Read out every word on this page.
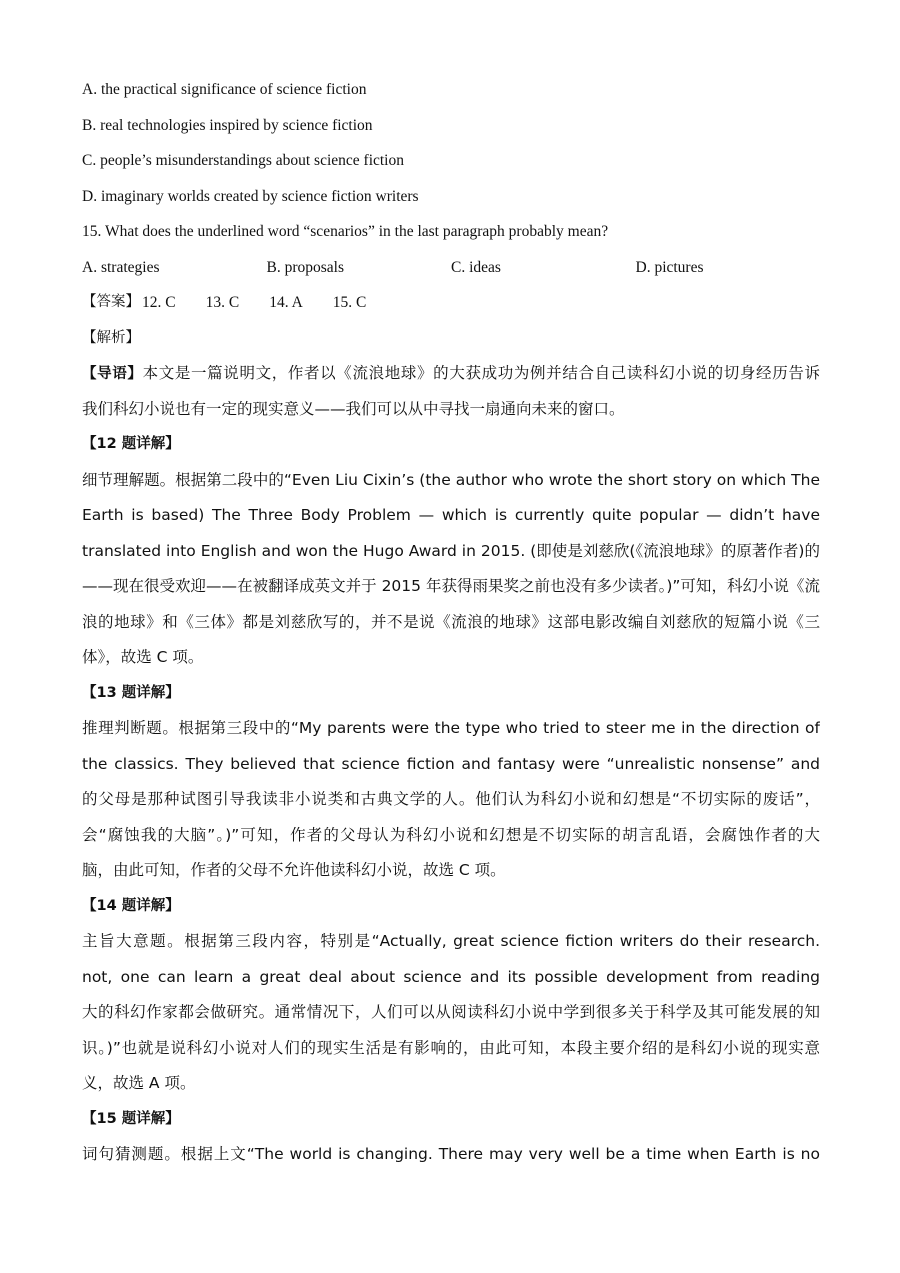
A. the practical significance of science fiction
B. real technologies inspired by science fiction
C. people’s misunderstandings about science fiction
D. imaginary worlds created by science fiction writers
15. What does the underlined word “scenarios” in the last paragraph probably mean?
A. strategies	B. proposals	C. ideas	D. pictures
【答案】 12. C 13. C 14. A 15. C
【解析】
【导语】本文是一篇说明文，作者以《流浪地球》的大获成功为例并结合自己读科幻小说的切身经历告诉
我们科幻小说也有一定的现实意义——我们可以从中寻找一扇通向未来的窗口。
【12 题详解】
细节理解题。根据第二段中的“Even Liu Cixin’s (the author who wrote the short story on which The
Earth is based) The Three Body Problem — which is currently quite popular — didn’t have
translated into English and won the Hugo Award in 2015. (即使是刘慈欣(《流浪地球》的原著作者)的
——现在很受欢迎——在被翻译成英文并于 2015 年获得雨果奖之前也没有多少读者。)”可知，科幻小说《流
浪的地球》和《三体》都是刘慈欣写的，并不是说《流浪的地球》这部电影改编自刘慈欣的短篇小说《三
体》，故选 C 项。
【13 题详解】
推理判断题。根据第三段中的“My parents were the type who tried to steer me in the direction of
the classics. They believed that science fiction and fantasy were “unrealistic nonsense” and
的父母是那种试图引导我读非小说类和古典文学的人。他们认为科幻小说和幻想是“不切实际的废话”，
会“腐蚀我的大脑”。)”可知，作者的父母认为科幻小说和幻想是不切实际的胡言乱语，会腐蚀作者的大
脑，由此可知，作者的父母不允许他读科幻小说，故选 C 项。
【14 题详解】
主旨大意题。根据第三段内容，特别是“Actually, great science fiction writers do their research.
not, one can learn a great deal about science and its possible development from reading
大的科幻作家都会做研究。通常情况下，人们可以从阅读科幻小说中学到很多关于科学及其可能发展的知
识。)”也就是说科幻小说对人们的现实生活是有影响的，由此可知，本段主要介绍的是科幻小说的现实意
义，故选 A 项。
【15 题详解】
词句猜测题。根据上文“The world is changing. There may very well be a time when Earth is no
